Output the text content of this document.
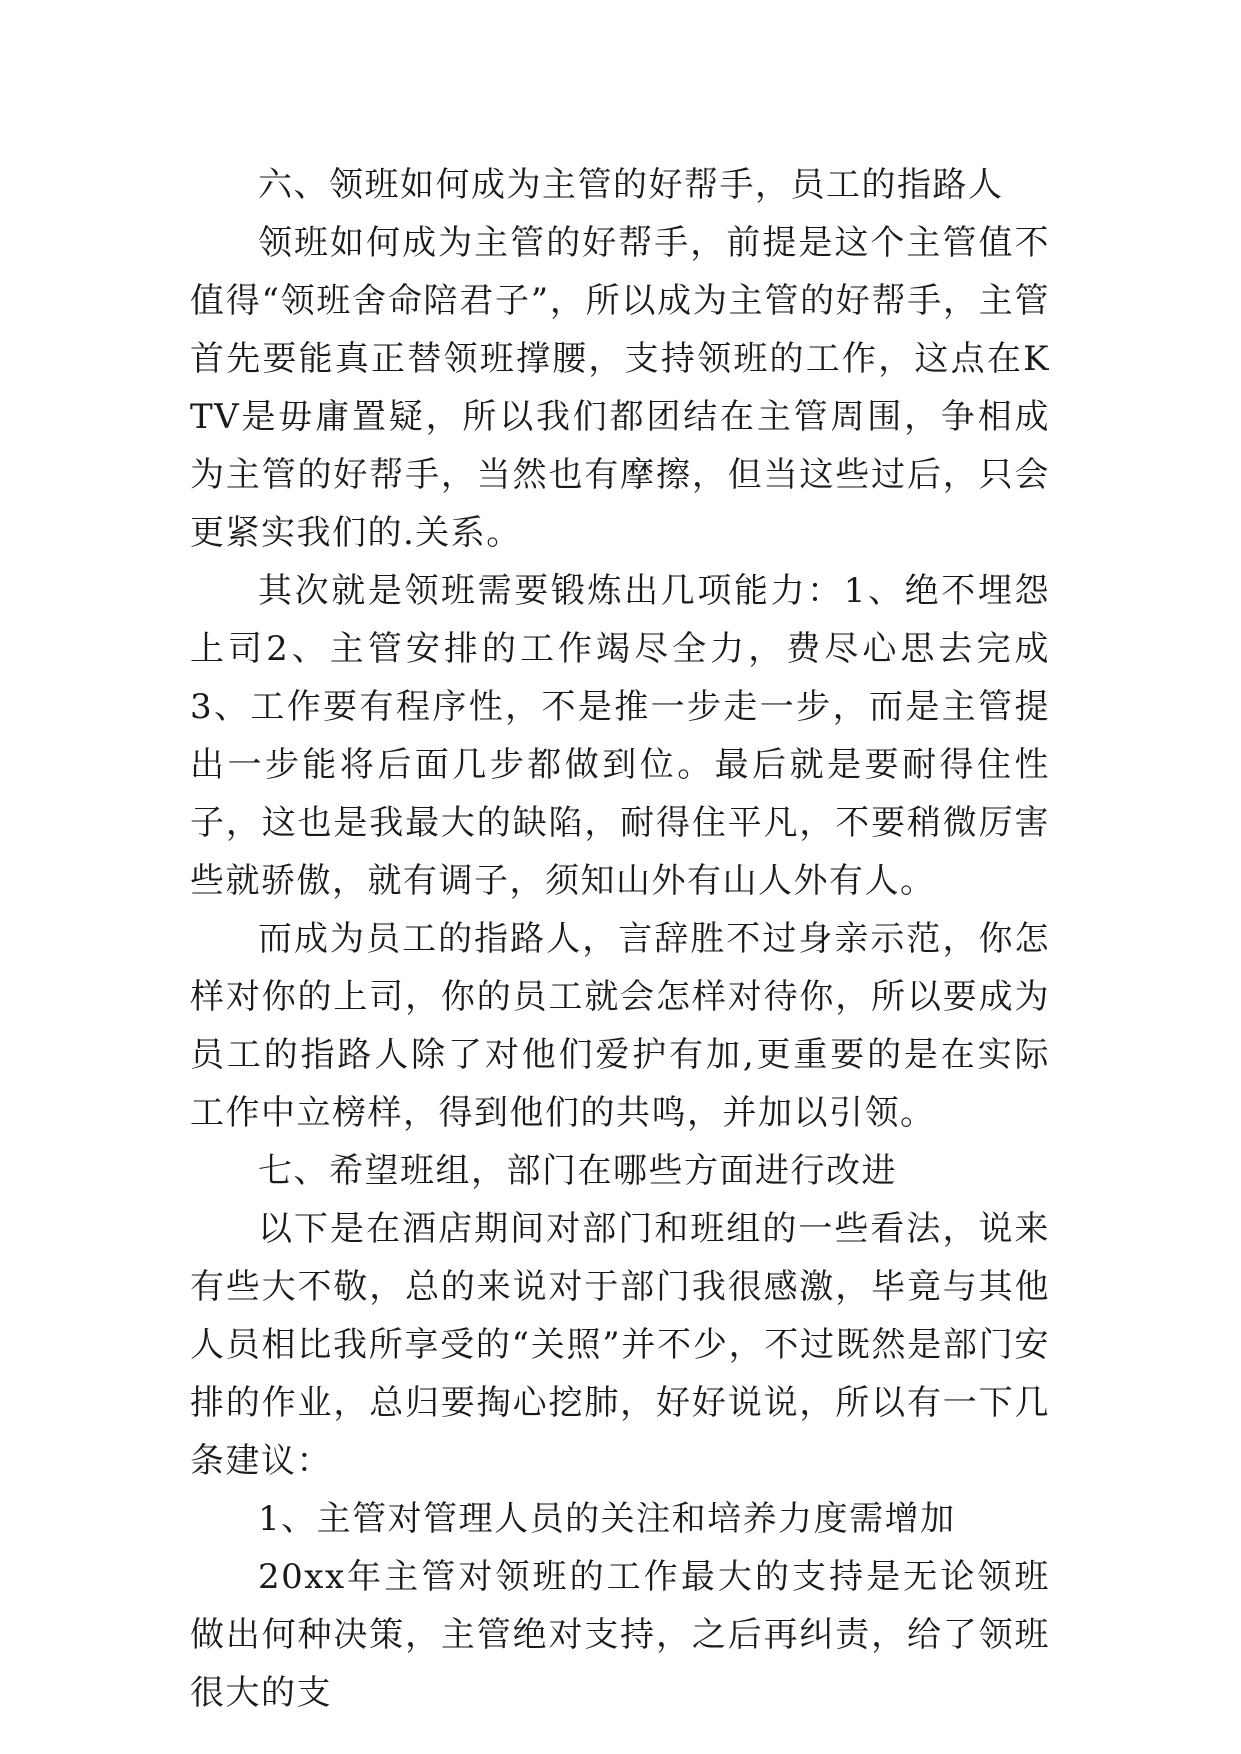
六、领班如何成为主管的好帮手，员工的指路人

领班如何成为主管的好帮手，前提是这个主管值不值得“领班舍命陪君子”，所以成为主管的好帮手，主管首先要能真正替领班撑腰，支持领班的工作，这点在KTV是毋庸置疑，所以我们都团结在主管周围，争相成为主管的好帮手，当然也有摩擦，但当这些过后，只会更紧实我们的.关系。

其次就是领班需要锻炼出几项能力：1、绝不埋怨上司2、主管安排的工作竭尽全力，费尽心思去完成3、工作要有程序性，不是推一步走一步，而是主管提出一步能将后面几步都做到位。最后就是要耐得住性子，这也是我最大的缺陷，耐得住平凡，不要稍微厉害些就骄傲，就有调子，须知山外有山人外有人。

而成为员工的指路人，言辞胜不过身亲示范，你怎样对你的上司，你的员工就会怎样对待你，所以要成为员工的指路人除了对他们爱护有加,更重要的是在实际工作中立榜样，得到他们的共鸣，并加以引领。

七、希望班组，部门在哪些方面进行改进

以下是在酒店期间对部门和班组的一些看法，说来有些大不敬，总的来说对于部门我很感激，毕竟与其他人员相比我所享受的“关照”并不少，不过既然是部门安排的作业，总归要掏心挖肺，好好说说，所以有一下几条建议：

1、主管对管理人员的关注和培养力度需增加

20xx年主管对领班的工作最大的支持是无论领班做出何种决策，主管绝对支持，之后再纠责，给了领班很大的支
